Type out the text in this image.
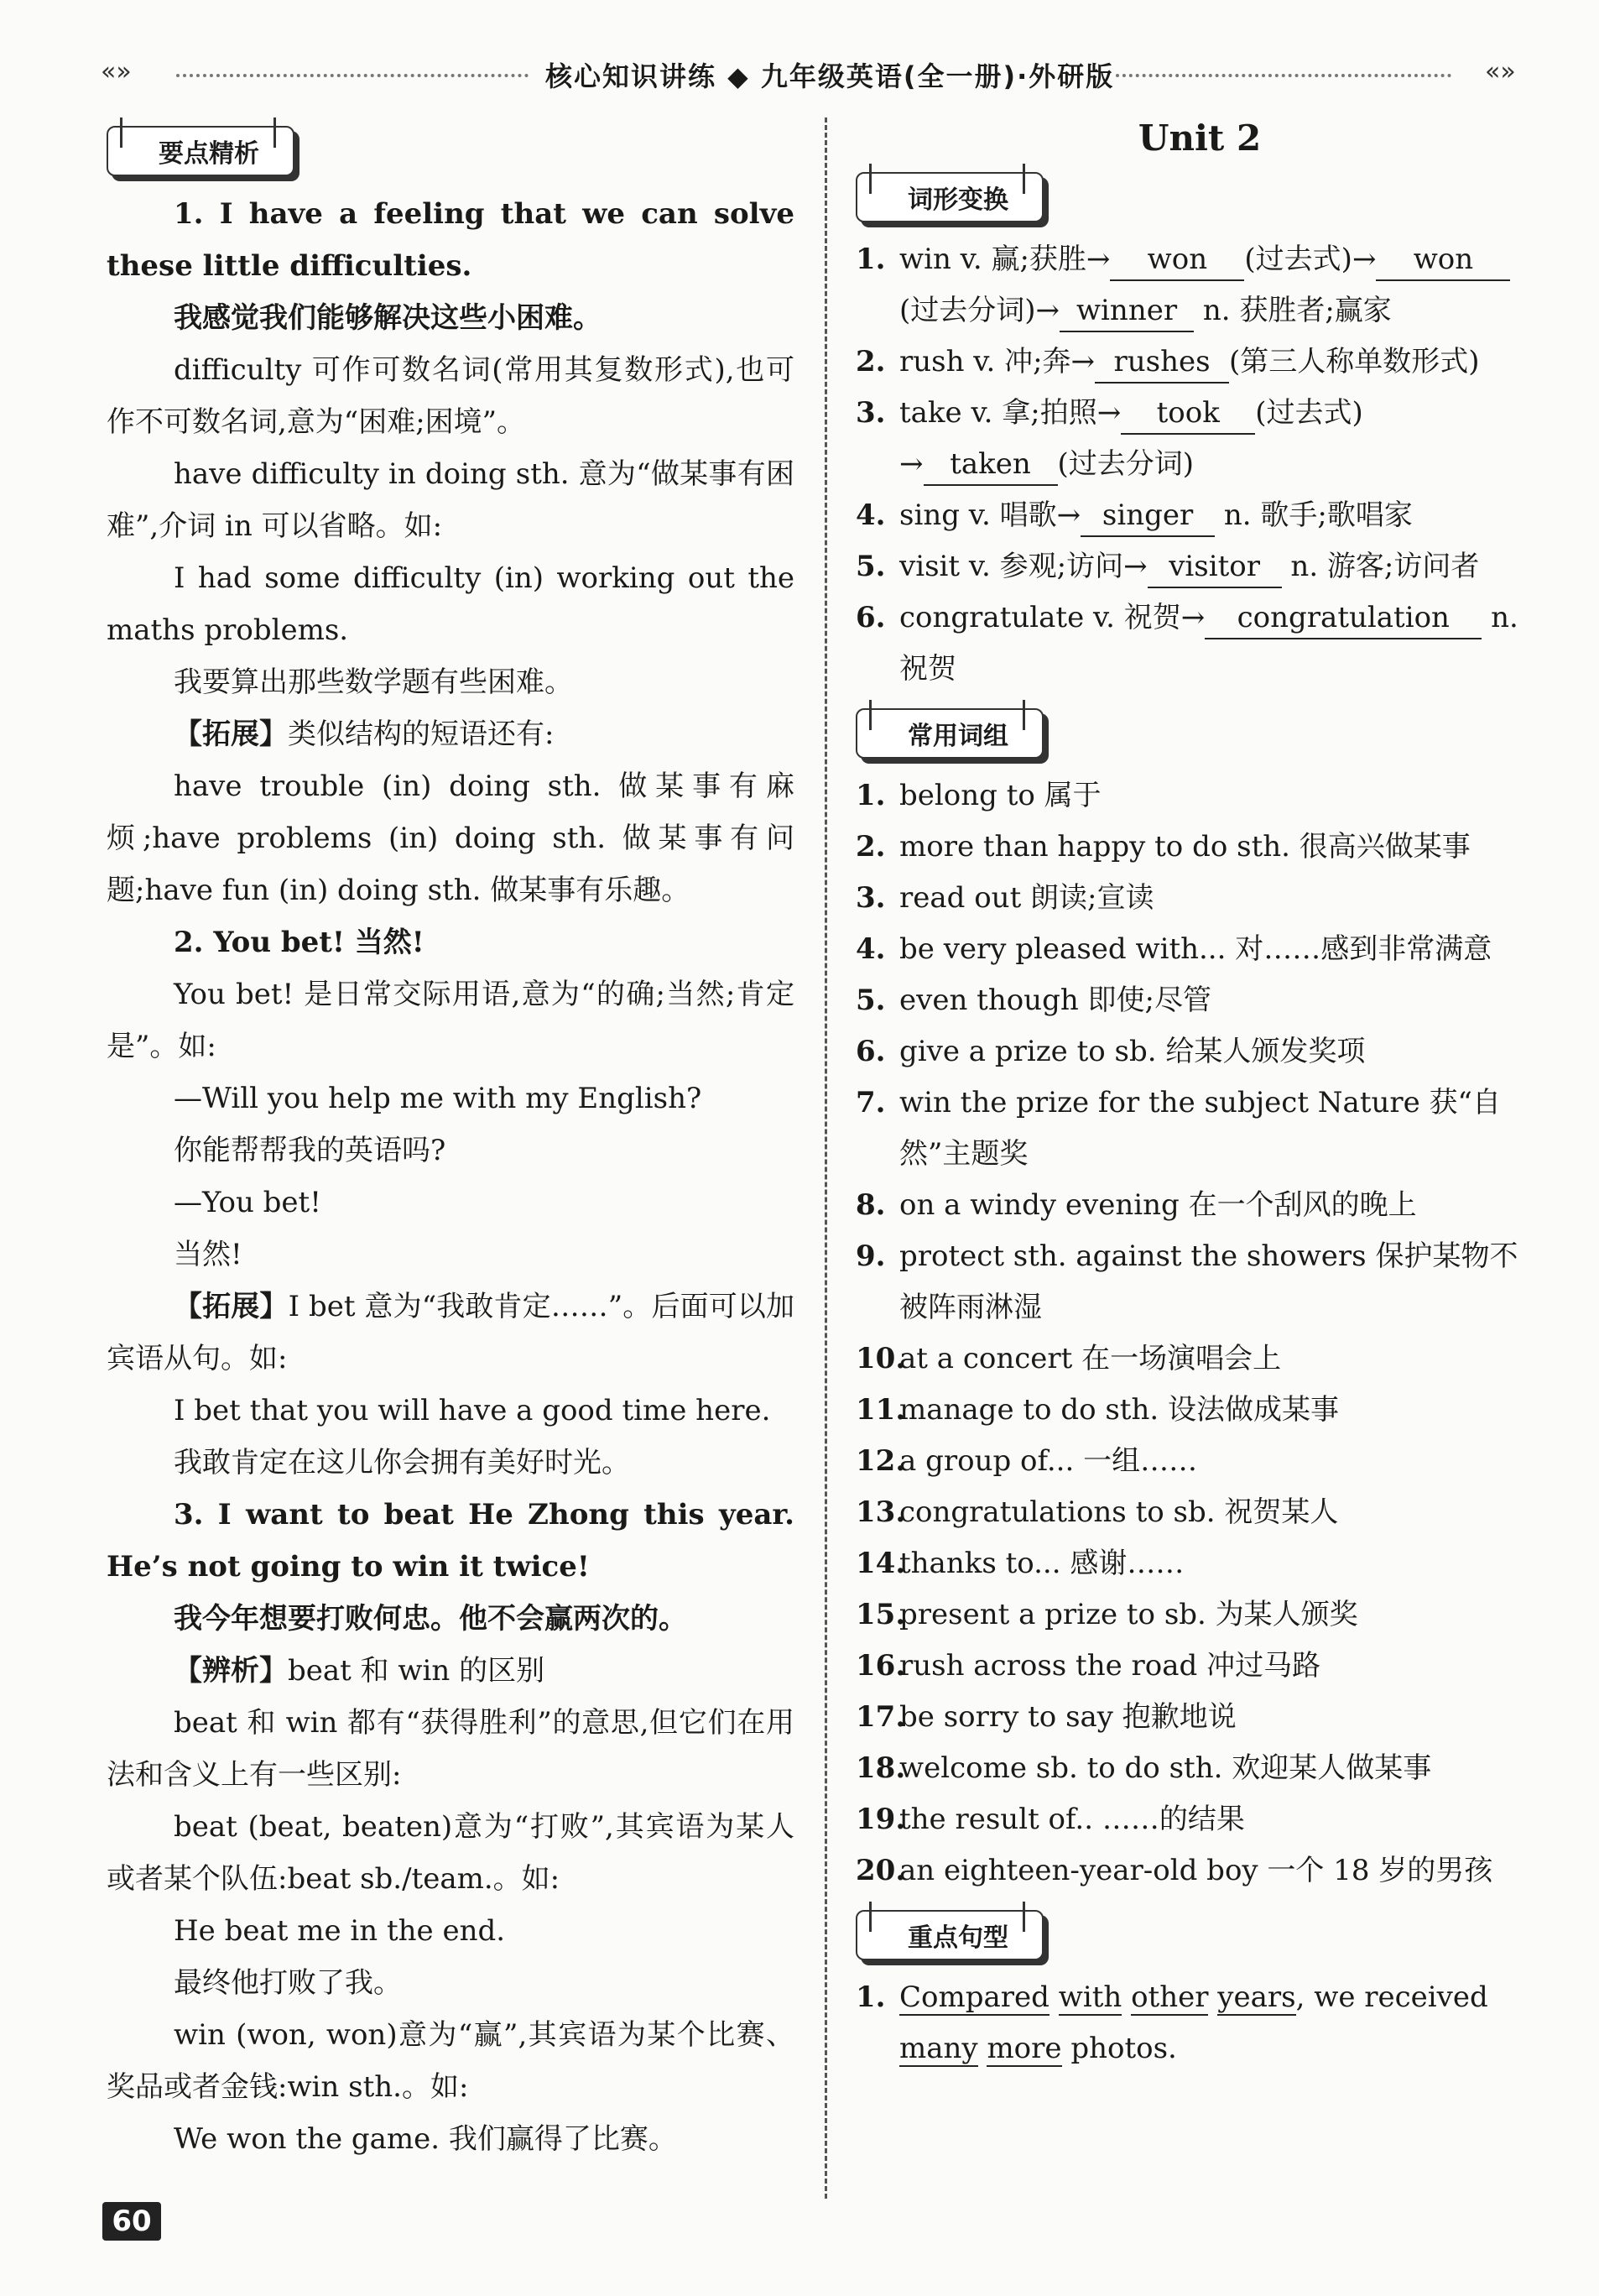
«»	核心知识讲练 ◆ 九年级英语(全一册)·外研版	«»
要点精析

1. I have a feeling that we can solve these little difficulties.

我感觉我们能够解决这些小困难。

difficulty 可作可数名词(常用其复数形式),也可作不可数名词,意为“困难;困境”。

have difficulty in doing sth. 意为“做某事有困难”,介词 in 可以省略。如:

I had some difficulty (in) working out the maths problems.

我要算出那些数学题有些困难。

【拓展】类似结构的短语还有:

have trouble (in) doing sth. 做某事有麻烦;have problems (in) doing sth. 做某事有问题;have fun (in) doing sth. 做某事有乐趣。

2. You bet! 当然!

You bet! 是日常交际用语,意为“的确;当然;肯定是”。如:

—Will you help me with my English?

你能帮帮我的英语吗?

—You bet!

当然!

【拓展】I bet 意为“我敢肯定……”。后面可以加宾语从句。如:

I bet that you will have a good time here.

我敢肯定在这儿你会拥有美好时光。

3. I want to beat He Zhong this year. He’s not going to win it twice!

我今年想要打败何忠。他不会赢两次的。

【辨析】beat 和 win 的区别

beat 和 win 都有“获得胜利”的意思,但它们在用法和含义上有一些区别:

beat (beat, beaten)意为“打败”,其宾语为某人或者某个队伍:beat sb./team.。如:

He beat me in the end.

最终他打败了我。

win (won, won)意为“赢”,其宾语为某个比赛、奖品或者金钱:win sth.。如:

We won the game. 我们赢得了比赛。

Unit 2
词形变换
1. win v. 赢;获胜→ won (过去式)→ won(过去分词)→ winner n. 获胜者;赢家
2. rush v. 冲;奔→ rushes (第三人称单数形式)
3. take v. 拿;拍照→ took (过去式)
→ taken (过去分词)
4. sing v. 唱歌→ singer n. 歌手;歌唱家
5. visit v. 参观;访问→ visitor n. 游客;访问者
6. congratulate v. 祝贺→ congratulation n. 祝贺
常用词组
1. belong to 属于
2. more than happy to do sth. 很高兴做某事
3. read out 朗读;宣读
4. be very pleased with... 对……感到非常满意
5. even though 即使;尽管
6. give a prize to sb. 给某人颁发奖项
7. win the prize for the subject Nature 获“自然”主题奖
8. on a windy evening 在一个刮风的晚上
9. protect sth. against the showers 保护某物不被阵雨淋湿
10.
at a concert 在一场演唱会上
11.
manage to do sth. 设法做成某事
12.
a group of... 一组……
13.
congratulations to sb. 祝贺某人
14.
thanks to... 感谢……
15.
present a prize to sb. 为某人颁奖
16.
rush across the road 冲过马路
17.
be sorry to say 抱歉地说
18.
welcome sb. to do sth. 欢迎某人做某事
19.
the result of.. ……的结果
20.
an eighteen-year-old boy 一个 18 岁的男孩
重点句型
1. Compared with other years, we received
many more photos.
60
